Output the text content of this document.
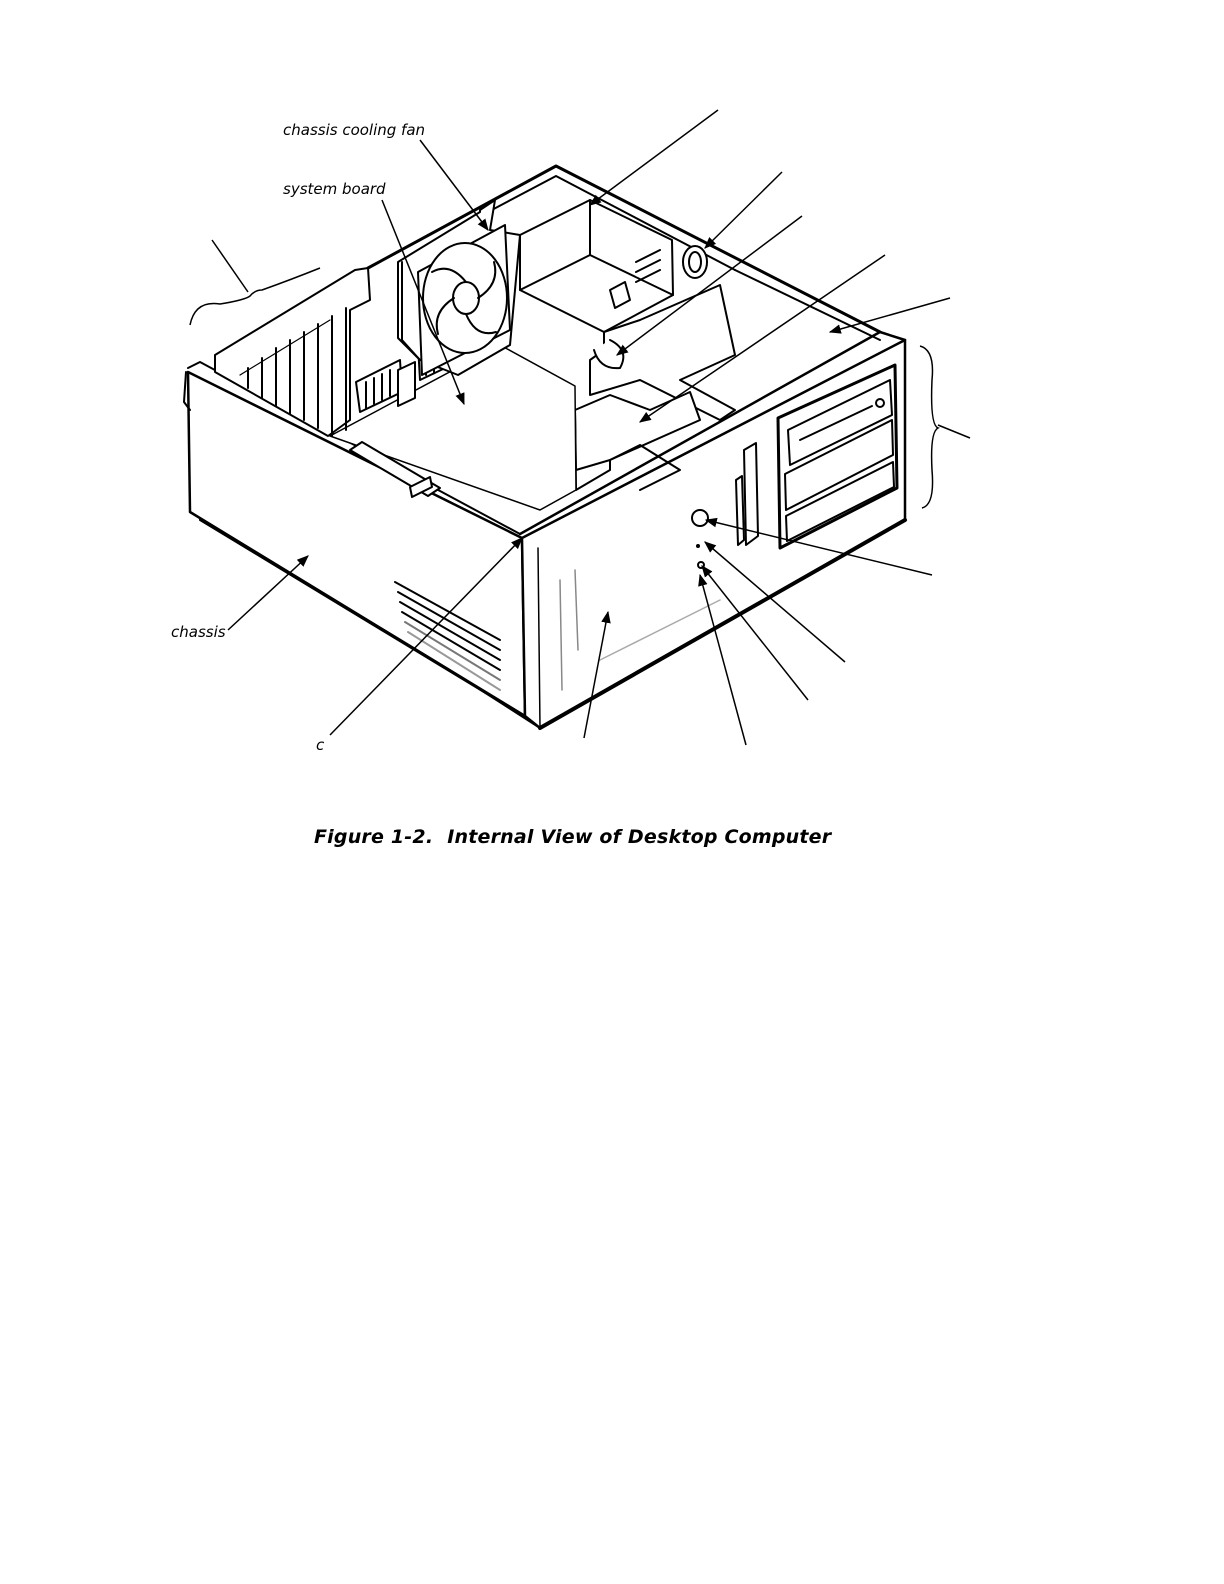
chassis cooling fan
system board
chassis
c
Figure 1-2. Internal View of Desktop Computer
